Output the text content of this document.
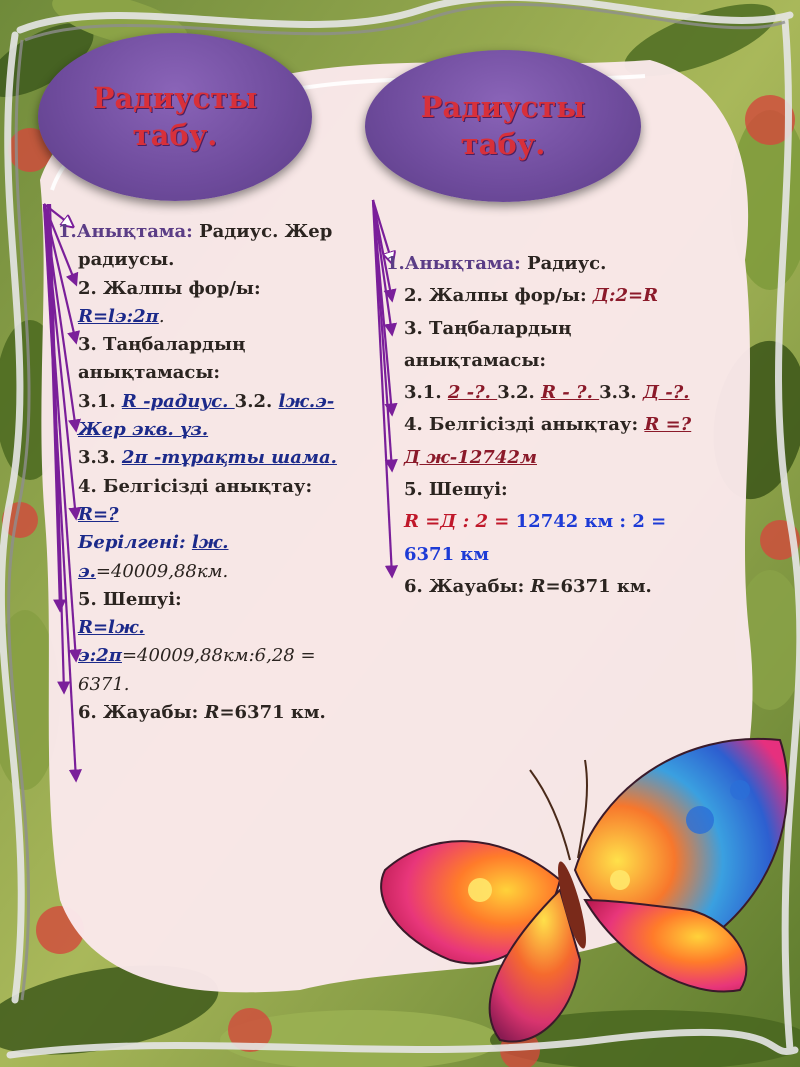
Радиусты
табу.
Радиусты
табу.
1.Анықтама: Радиус. Жер
радиусы.
2. Жалпы фор/ы:
R=lэ:2π.
3. Таңбалардың
анықтамасы:
3.1. R -радиус. 3.2. lж.э-
Жер экв. ұз.
3.3. 2π -тұрақты шама.
4. Белгісізді анықтау:
R=?
Берілгені: lж.
э.=40009,88км.
5. Шешуі:
R=lж.
э:2π=40009,88км:6,28 =
6371.
6. Жауабы: R=6371 км.
1.Анықтама: Радиус.
2. Жалпы фор/ы: Д:2=R
3. Таңбалардың
анықтамасы:
3.1. 2 -?. 3.2. R - ?. 3.3. Д -?.
4. Белгісізді анықтау: R =?
Д ж-12742м
5. Шешуі:
R =Д : 2 = 12742 км : 2 =
6371 км
6. Жауабы: R=6371 км.
